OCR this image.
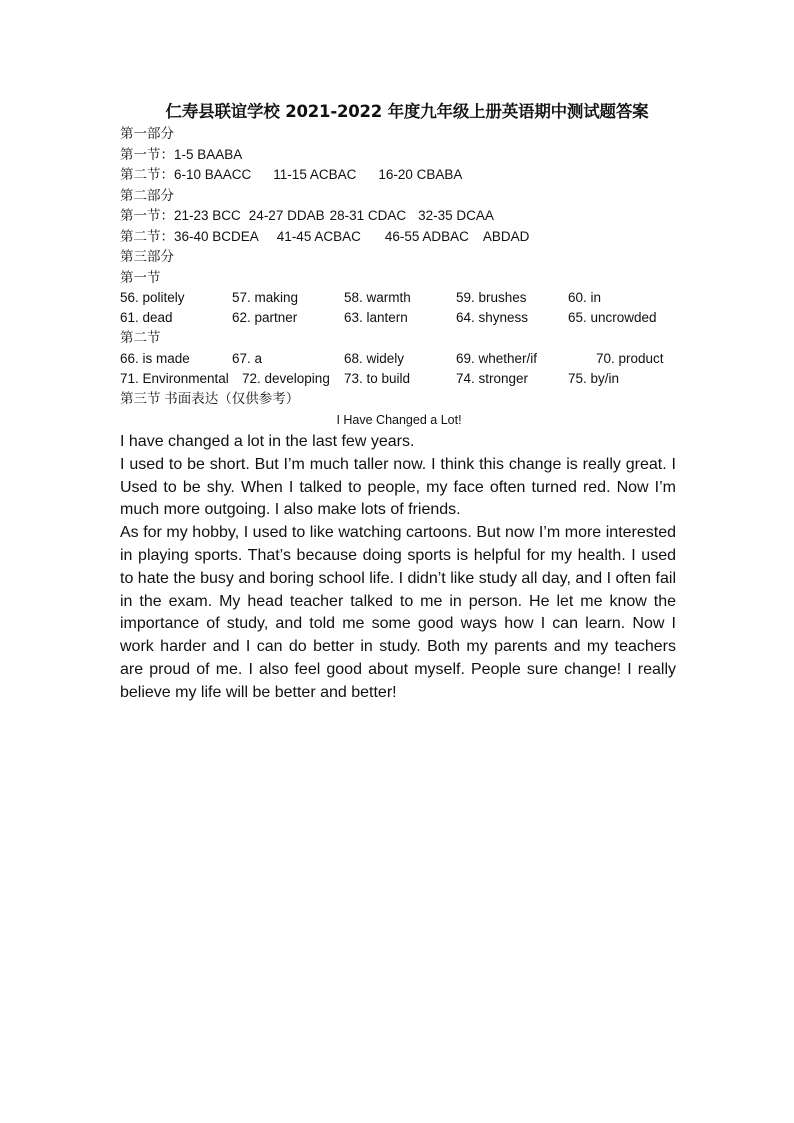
仁寿县联谊学校 2021-2022 年度九年级上册英语期中测试题答案
第一部分
第一节：1-5 BAABA
第二节：6-10 BAACC 11-15 ACBAC 16-20 CBABA
第二部分
第一节：21-23 BCC 24-27 DDAB 28-31 CDAC 32-35 DCAA
第二节：36-40 BCDEA 41-45 ACBAC 46-55 ADBAC ABDAD
第三部分
第一节
56. politely	57. making	58. warmth	59. brushes	60. in
61. dead	62. partner	63. lantern	64. shyness	65. uncrowded
第二节
66. is made	67. a	68. widely	69. whether/if	70. product
71. Environmental 72. developing 73. to build	74. stronger	75. by/in
第三节 书面表达（仅供参考）
I Have Changed a Lot!

I have changed a lot in the last few years.

I used to be short. But I’m much taller now. I think this change is really great. I Used to be shy. When I talked to people, my face often turned red. Now I’m much more outgoing. I also make lots of friends.

As for my hobby, I used to like watching cartoons. But now I’m more interested in playing sports. That’s because doing sports is helpful for my health. I used to hate the busy and boring school life. I didn’t like study all day, and I often fail in the exam. My head teacher talked to me in person. He let me know the importance of study, and told me some good ways how I can learn. Now I work harder and I can do better in study. Both my parents and my teachers are proud of me. I also feel good about myself. People sure change! I really believe my life will be better and better!
